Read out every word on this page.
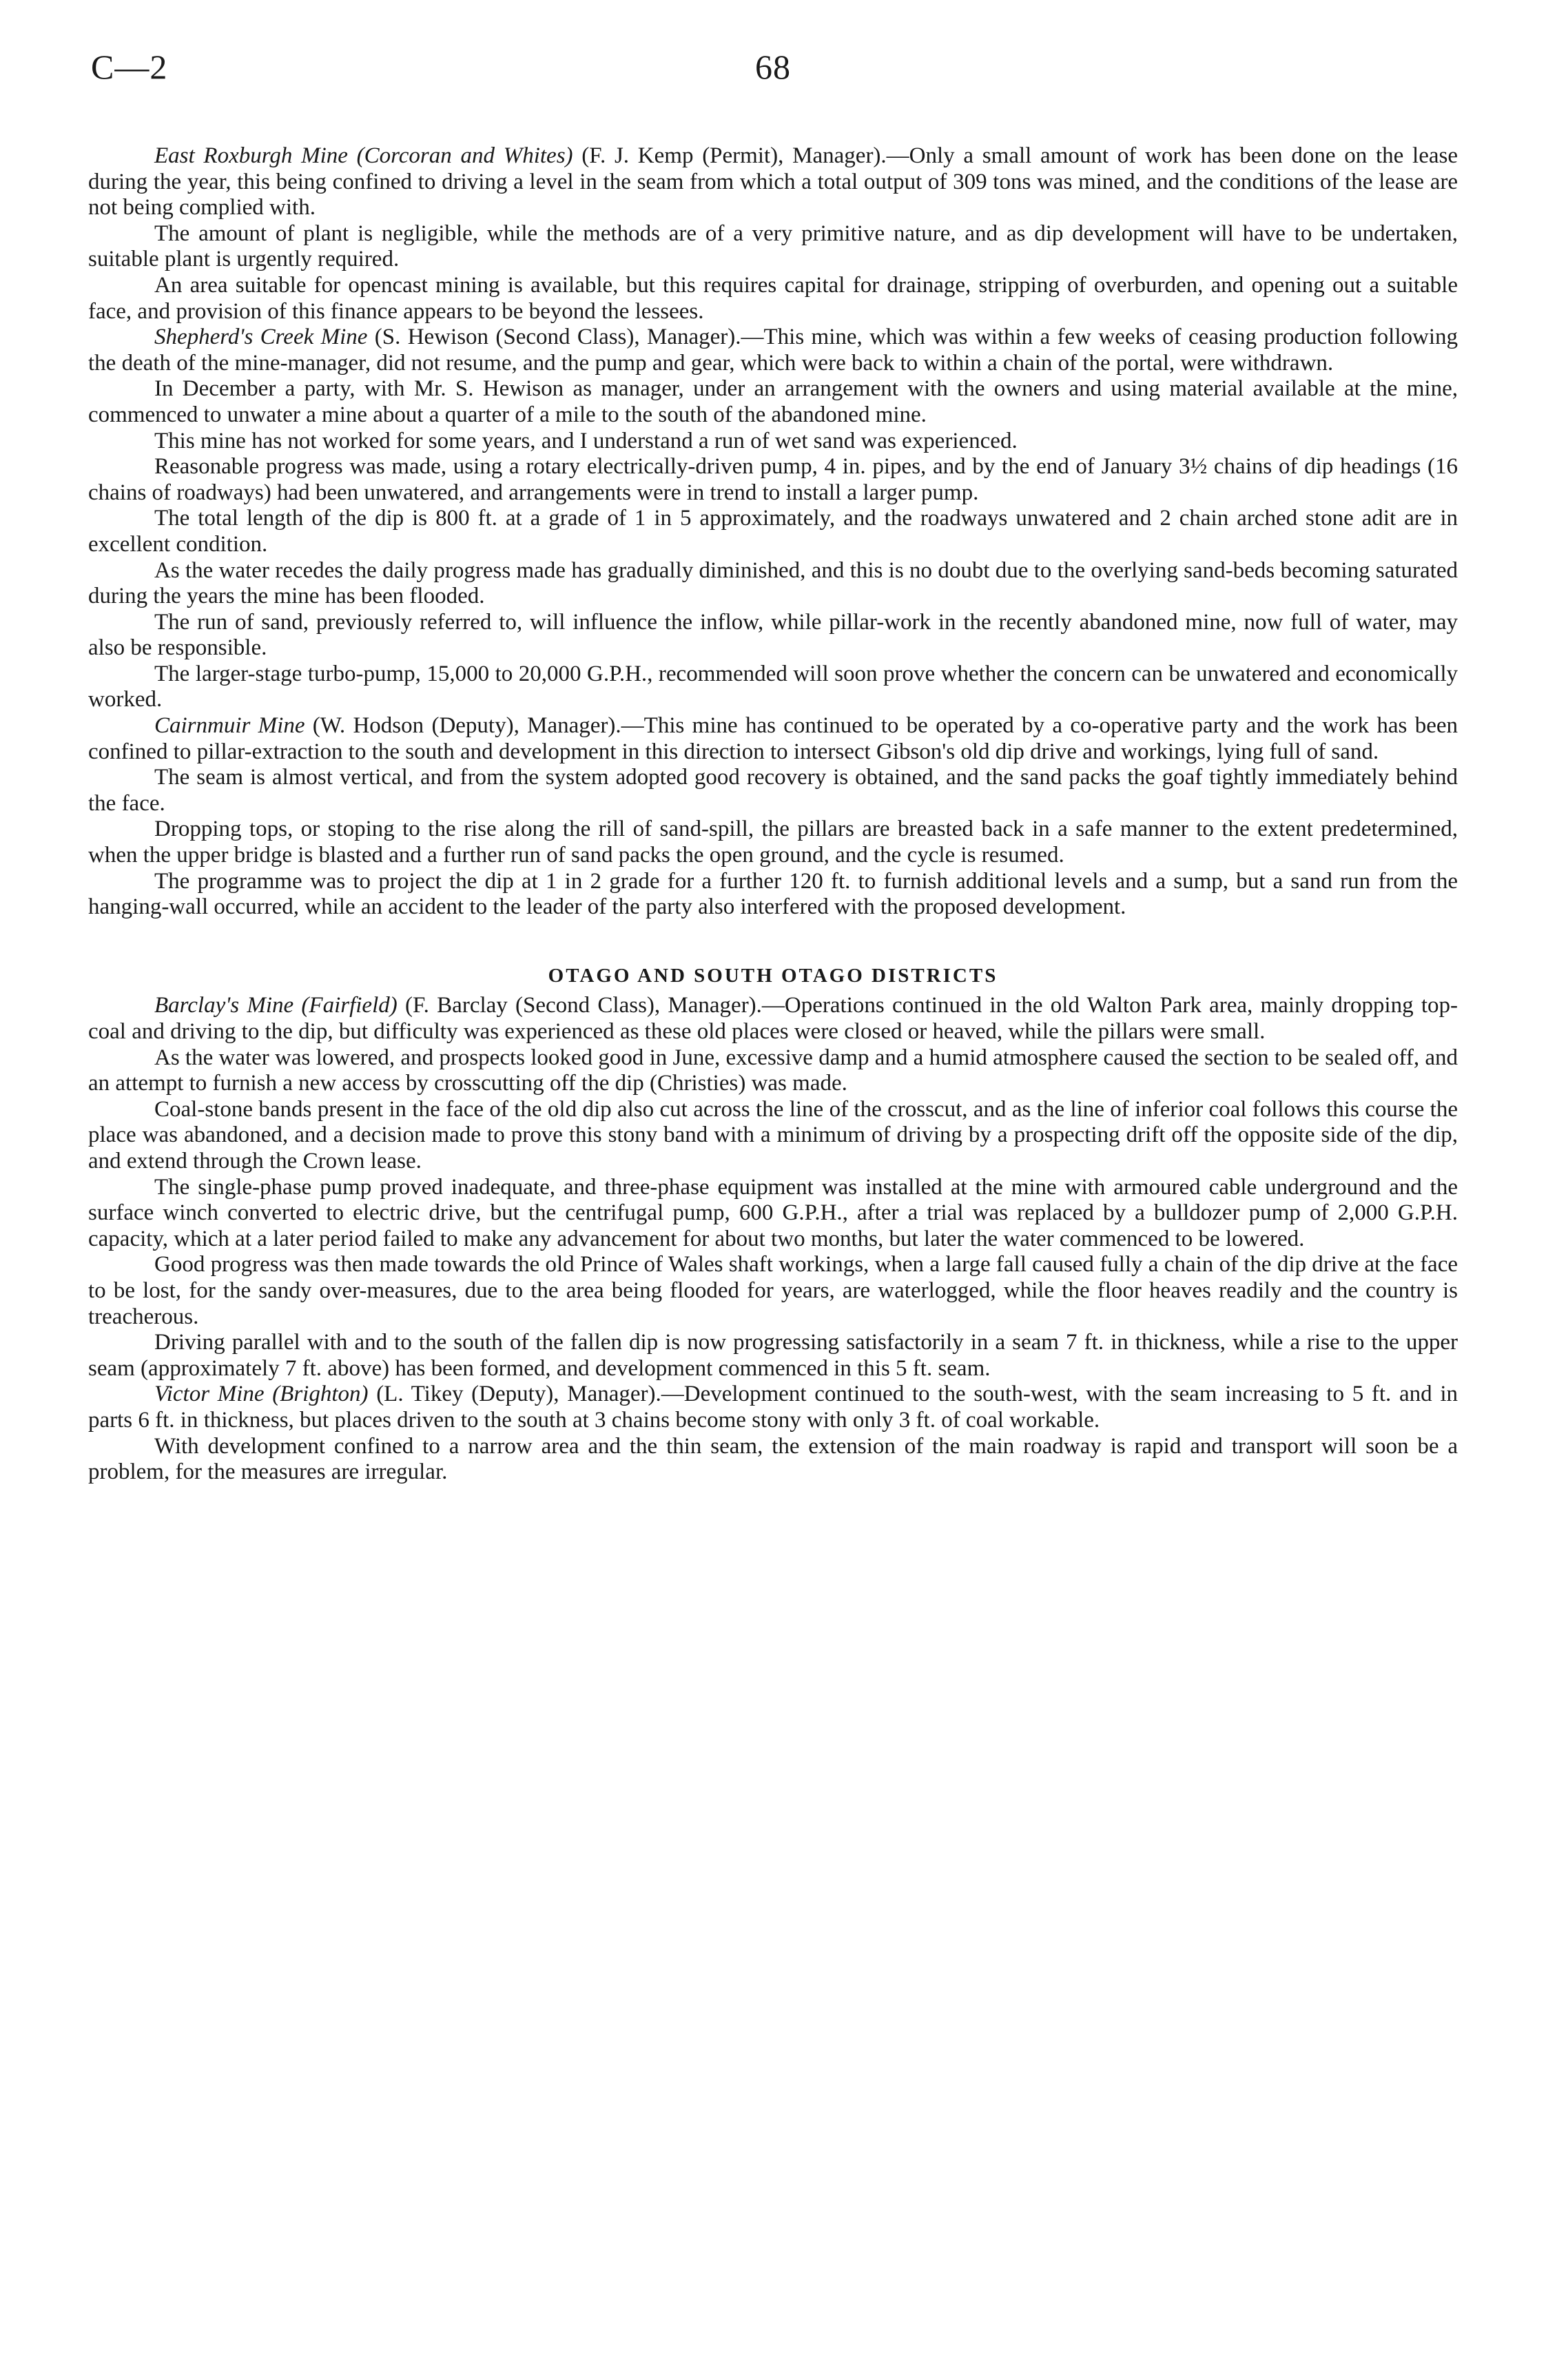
C—2	68

East Roxburgh Mine (Corcoran and Whites) (F. J. Kemp (Permit), Manager).—Only a small amount of work has been done on the lease during the year, this being confined to driving a level in the seam from which a total output of 309 tons was mined, and the conditions of the lease are not being complied with.

The amount of plant is negligible, while the methods are of a very primitive nature, and as dip development will have to be undertaken, suitable plant is urgently required.

An area suitable for opencast mining is available, but this requires capital for drainage, stripping of overburden, and opening out a suitable face, and provision of this finance appears to be beyond the lessees.

Shepherd's Creek Mine (S. Hewison (Second Class), Manager).—This mine, which was within a few weeks of ceasing production following the death of the mine-manager, did not resume, and the pump and gear, which were back to within a chain of the portal, were withdrawn.

In December a party, with Mr. S. Hewison as manager, under an arrangement with the owners and using material available at the mine, commenced to unwater a mine about a quarter of a mile to the south of the abandoned mine.

This mine has not worked for some years, and I understand a run of wet sand was experienced.

Reasonable progress was made, using a rotary electrically-driven pump, 4 in. pipes, and by the end of January 3½ chains of dip headings (16 chains of roadways) had been unwatered, and arrangements were in trend to install a larger pump.

The total length of the dip is 800 ft. at a grade of 1 in 5 approximately, and the roadways unwatered and 2 chain arched stone adit are in excellent condition.

As the water recedes the daily progress made has gradually diminished, and this is no doubt due to the overlying sand-beds becoming saturated during the years the mine has been flooded.

The run of sand, previously referred to, will influence the inflow, while pillar-work in the recently abandoned mine, now full of water, may also be responsible.

The larger-stage turbo-pump, 15,000 to 20,000 G.P.H., recommended will soon prove whether the concern can be unwatered and economically worked.

Cairnmuir Mine (W. Hodson (Deputy), Manager).—This mine has continued to be operated by a co-operative party and the work has been confined to pillar-extraction to the south and development in this direction to intersect Gibson's old dip drive and workings, lying full of sand.

The seam is almost vertical, and from the system adopted good recovery is obtained, and the sand packs the goaf tightly immediately behind the face.

Dropping tops, or stoping to the rise along the rill of sand-spill, the pillars are breasted back in a safe manner to the extent predetermined, when the upper bridge is blasted and a further run of sand packs the open ground, and the cycle is resumed.

The programme was to project the dip at 1 in 2 grade for a further 120 ft. to furnish additional levels and a sump, but a sand run from the hanging-wall occurred, while an accident to the leader of the party also interfered with the proposed development.

OTAGO AND SOUTH OTAGO DISTRICTS

Barclay's Mine (Fairfield) (F. Barclay (Second Class), Manager).—Operations continued in the old Walton Park area, mainly dropping top-coal and driving to the dip, but difficulty was experienced as these old places were closed or heaved, while the pillars were small.

As the water was lowered, and prospects looked good in June, excessive damp and a humid atmosphere caused the section to be sealed off, and an attempt to furnish a new access by crosscutting off the dip (Christies) was made.

Coal-stone bands present in the face of the old dip also cut across the line of the crosscut, and as the line of inferior coal follows this course the place was abandoned, and a decision made to prove this stony band with a minimum of driving by a prospecting drift off the opposite side of the dip, and extend through the Crown lease.

The single-phase pump proved inadequate, and three-phase equipment was installed at the mine with armoured cable underground and the surface winch converted to electric drive, but the centrifugal pump, 600 G.P.H., after a trial was replaced by a bulldozer pump of 2,000 G.P.H. capacity, which at a later period failed to make any advancement for about two months, but later the water commenced to be lowered.

Good progress was then made towards the old Prince of Wales shaft workings, when a large fall caused fully a chain of the dip drive at the face to be lost, for the sandy over-measures, due to the area being flooded for years, are waterlogged, while the floor heaves readily and the country is treacherous.

Driving parallel with and to the south of the fallen dip is now progressing satisfactorily in a seam 7 ft. in thickness, while a rise to the upper seam (approximately 7 ft. above) has been formed, and development commenced in this 5 ft. seam.

Victor Mine (Brighton) (L. Tikey (Deputy), Manager).—Development continued to the south-west, with the seam increasing to 5 ft. and in parts 6 ft. in thickness, but places driven to the south at 3 chains become stony with only 3 ft. of coal workable.

With development confined to a narrow area and the thin seam, the extension of the main roadway is rapid and transport will soon be a problem, for the measures are irregular.
